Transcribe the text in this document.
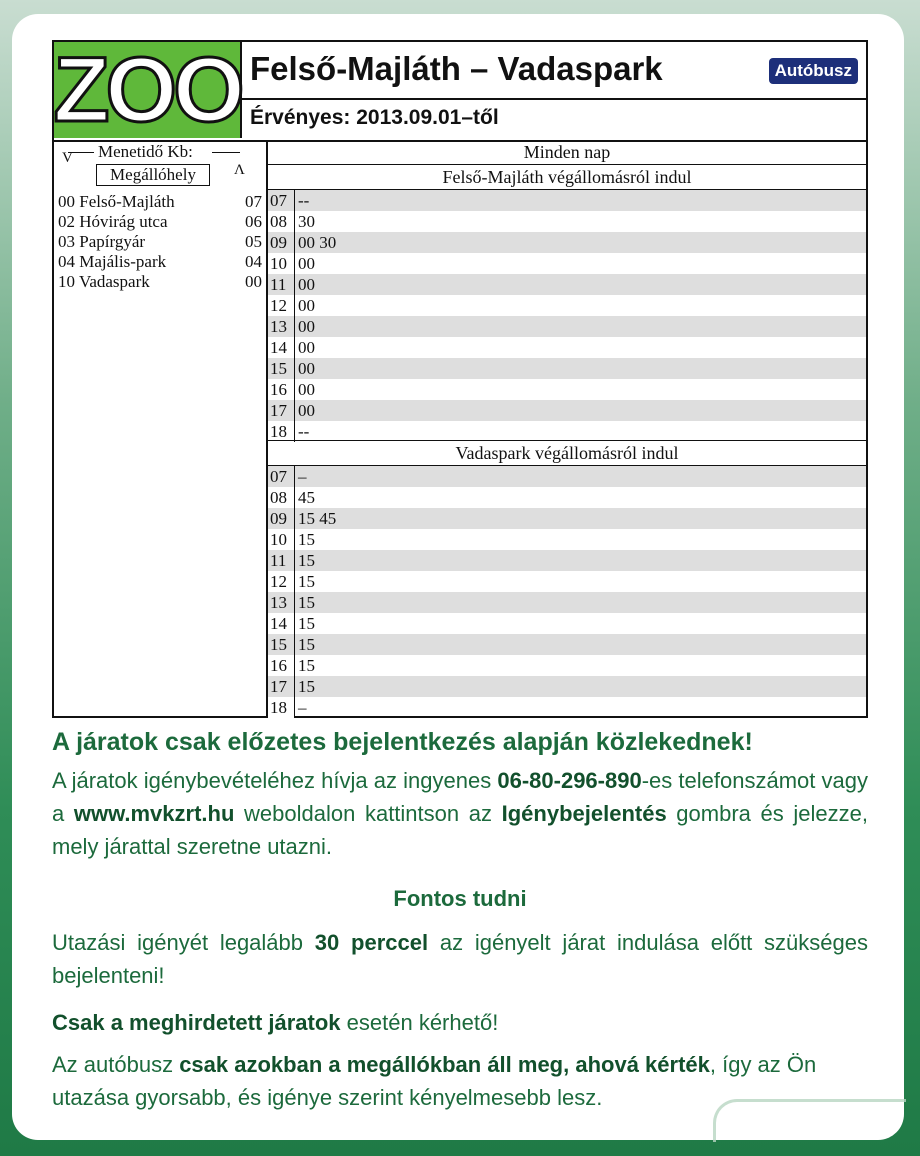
ZOO Felső-Majláth – Vadaspark	Autóbusz
Érvényes: 2013.09.01–től
V Menetidő Kb:
Megállóhely	Λ
00 Felső-Majláth	07
02 Hóvirág utca	06
03 Papírgyár	05
04 Majális-park	04
10 Vadaspark	00
Minden nap
Felső-Majláth végállomásról indul
07 --
08 30
09 00 30
10 00
11 00
12 00
13 00
14 00
15 00
16 00
17 00
18 --
Vadaspark végállomásról indul
07 –
08 45
09 15 45
10 15
11 15
12 15
13 15
14 15
15 15
16 15
17 15
18 –
A járatok csak előzetes bejelentkezés alapján közlekednek!
A járatok igénybevételéhez hívja az ingyenes 06-80-296-890-es telefonszámot vagy a www.mvkzrt.hu weboldalon kattintson az Igénybejelentés gombra és jelezze, mely járattal szeretne utazni.
Fontos tudni
Utazási igényét legalább 30 perccel az igényelt járat indulása előtt szükséges bejelenteni!
Csak a meghirdetett járatok esetén kérhető!
Az autóbusz csak azokban a megállókban áll meg, ahová kérték, így az Ön utazása gyorsabb, és igénye szerint kényelmesebb lesz.
